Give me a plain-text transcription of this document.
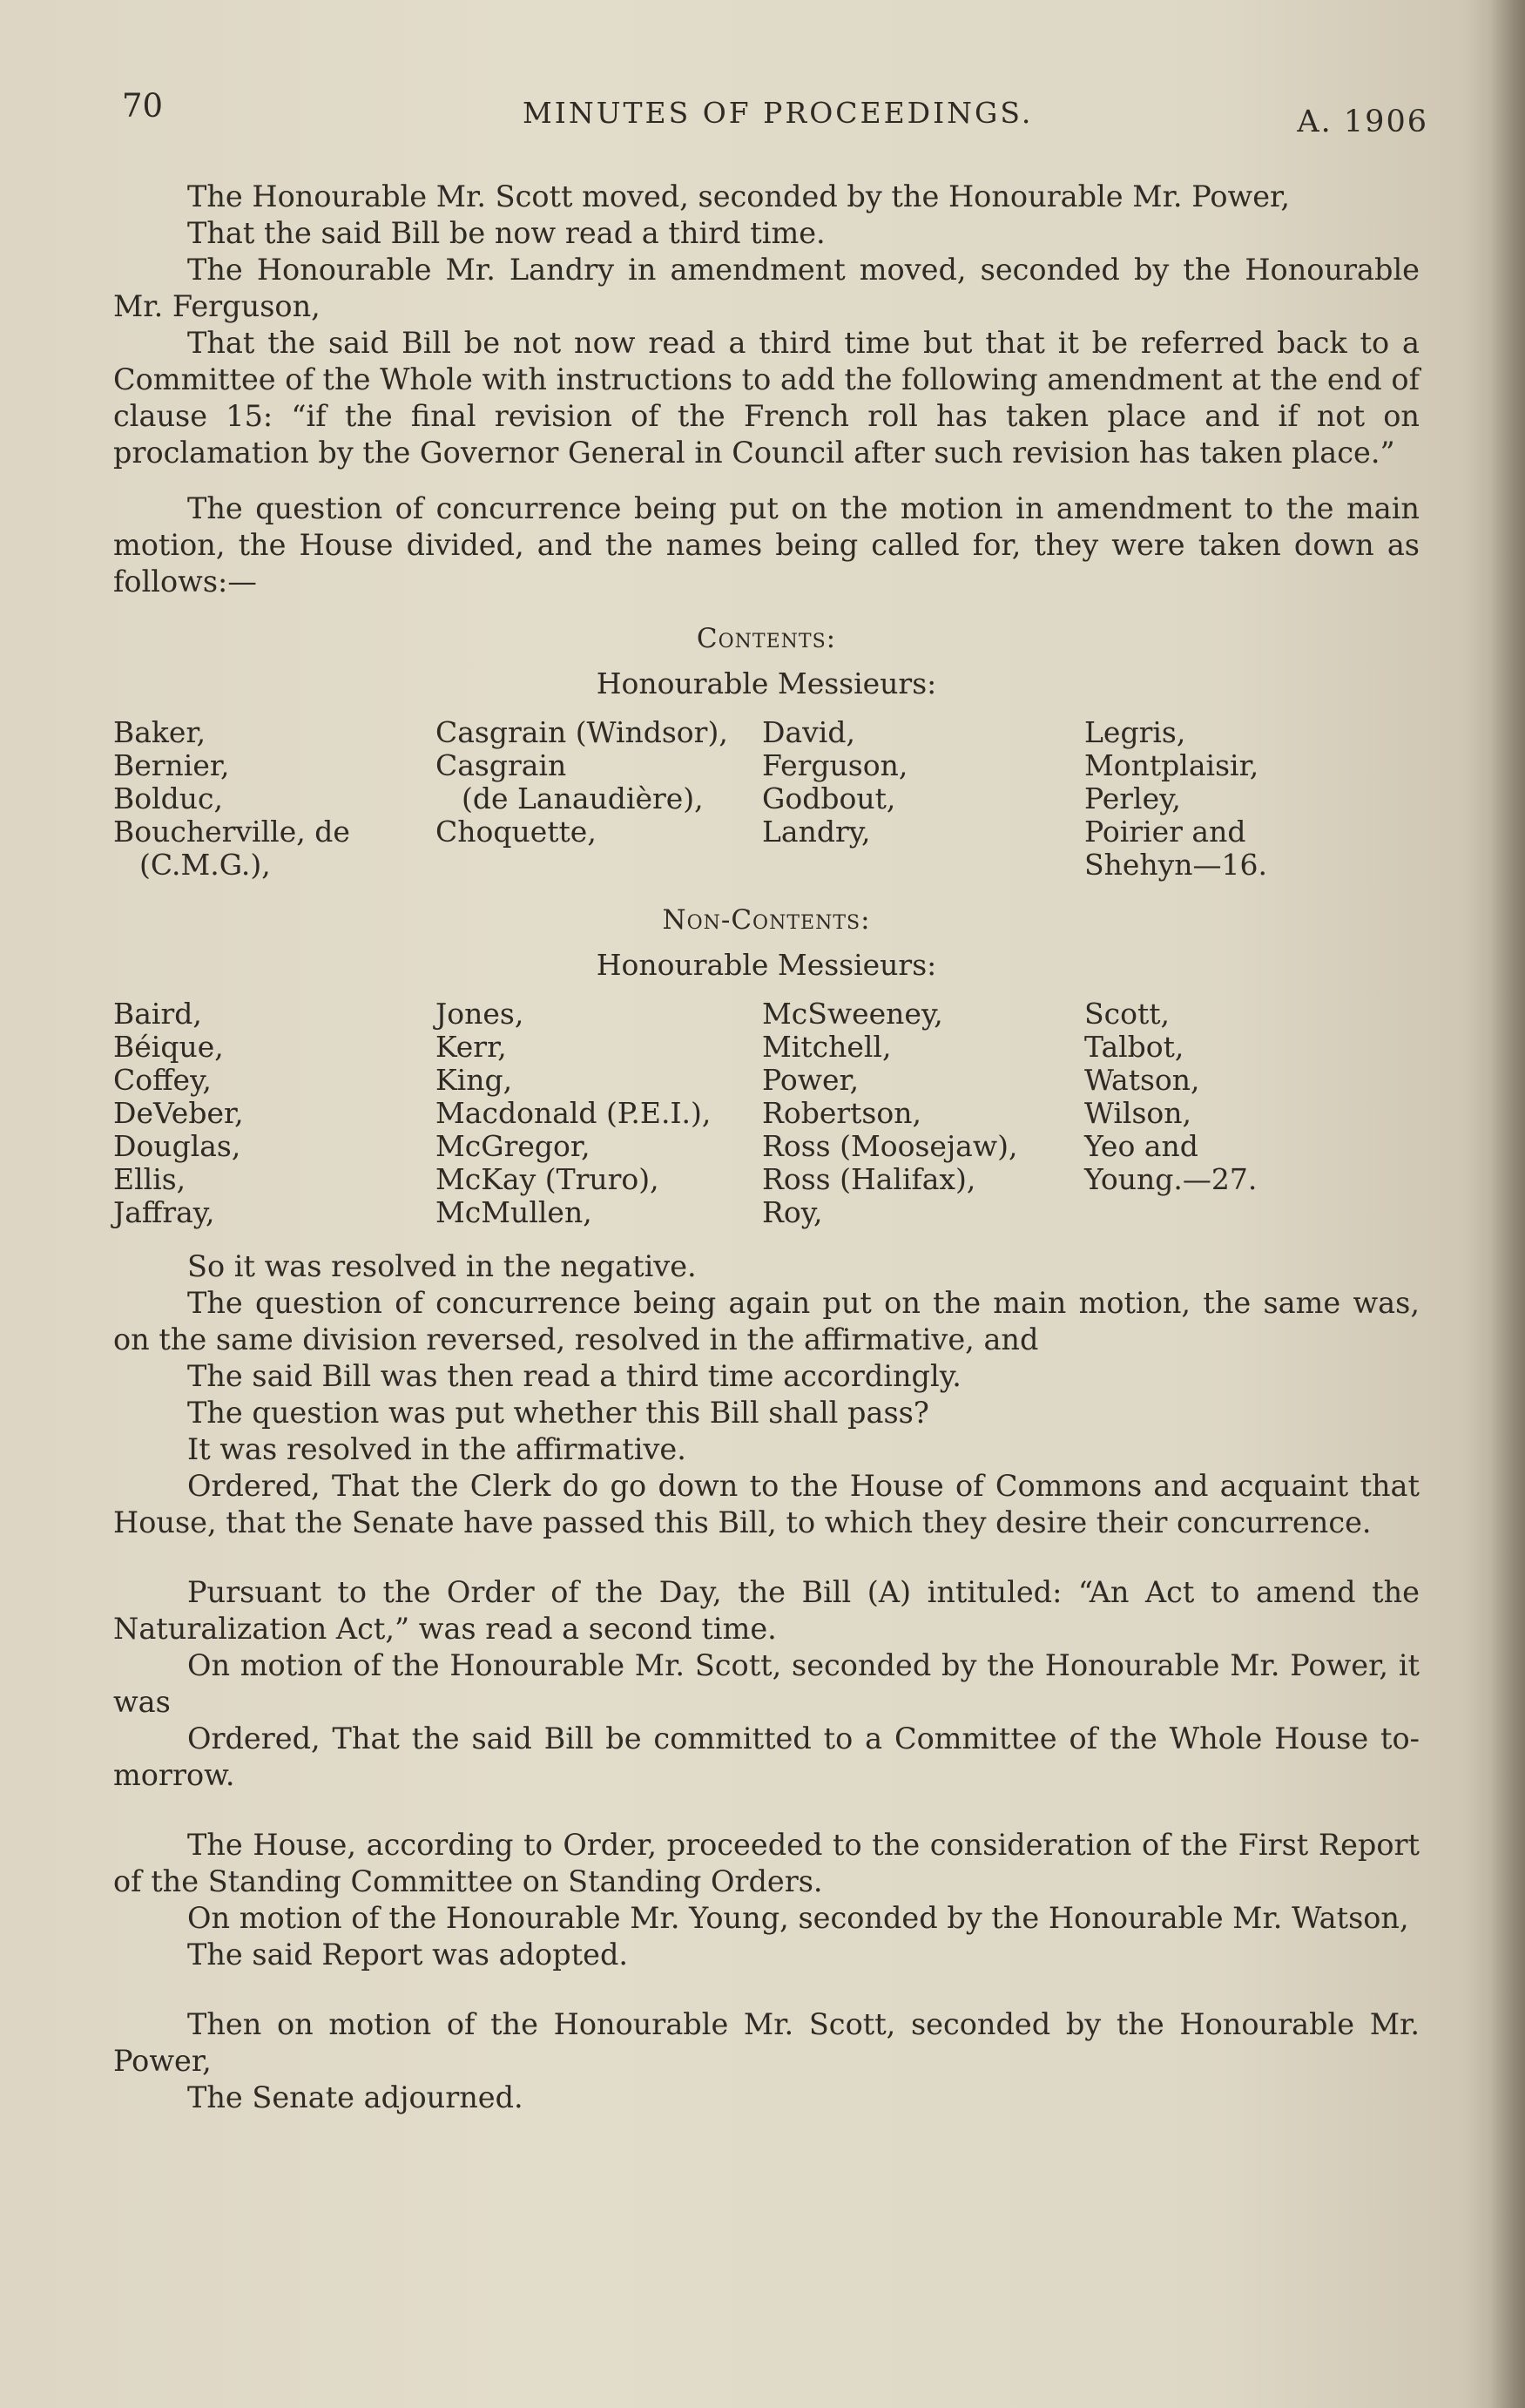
70	MINUTES OF PROCEEDINGS.	A. 1906

The Honourable Mr. Scott moved, seconded by the Honourable Mr. Power,

That the said Bill be now read a third time.

The Honourable Mr. Landry in amendment moved, seconded by the Honourable Mr. Ferguson,

That the said Bill be not now read a third time but that it be referred back to a Committee of the Whole with instructions to add the following amendment at the end of clause 15: “if the final revision of the French roll has taken place and if not on proclamation by the Governor General in Council after such revision has taken place.”

The question of concurrence being put on the motion in amendment to the main motion, the House divided, and the names being called for, they were taken down as follows:—

Contents:
Honourable Messieurs:
Baker,
Bernier,
Bolduc,
Boucherville, de
(C.M.G.),
Casgrain (Windsor),
Casgrain
(de Lanaudière),
Choquette,
David,
Ferguson,
Godbout,
Landry,
Legris,
Montplaisir,
Perley,
Poirier and
Shehyn—16.
Non-Contents:
Honourable Messieurs:
Baird,
Béique,
Coffey,
DeVeber,
Douglas,
Ellis,
Jaffray,
Jones,
Kerr,
King,
Macdonald (P.E.I.),
McGregor,
McKay (Truro),
McMullen,
McSweeney,
Mitchell,
Power,
Robertson,
Ross (Moosejaw),
Ross (Halifax),
Roy,
Scott,
Talbot,
Watson,
Wilson,
Yeo and
Young.—27.

So it was resolved in the negative.

The question of concurrence being again put on the main motion, the same was, on the same division reversed, resolved in the affirmative, and

The said Bill was then read a third time accordingly.

The question was put whether this Bill shall pass?

It was resolved in the affirmative.

Ordered, That the Clerk do go down to the House of Commons and acquaint that House, that the Senate have passed this Bill, to which they desire their concurrence.

Pursuant to the Order of the Day, the Bill (A) intituled: “An Act to amend the Naturalization Act,” was read a second time.

On motion of the Honourable Mr. Scott, seconded by the Honourable Mr. Power, it was

Ordered, That the said Bill be committed to a Committee of the Whole House to-morrow.

The House, according to Order, proceeded to the consideration of the First Report of the Standing Committee on Standing Orders.

On motion of the Honourable Mr. Young, seconded by the Honourable Mr. Watson,

The said Report was adopted.

Then on motion of the Honourable Mr. Scott, seconded by the Honourable Mr. Power,

The Senate adjourned.
